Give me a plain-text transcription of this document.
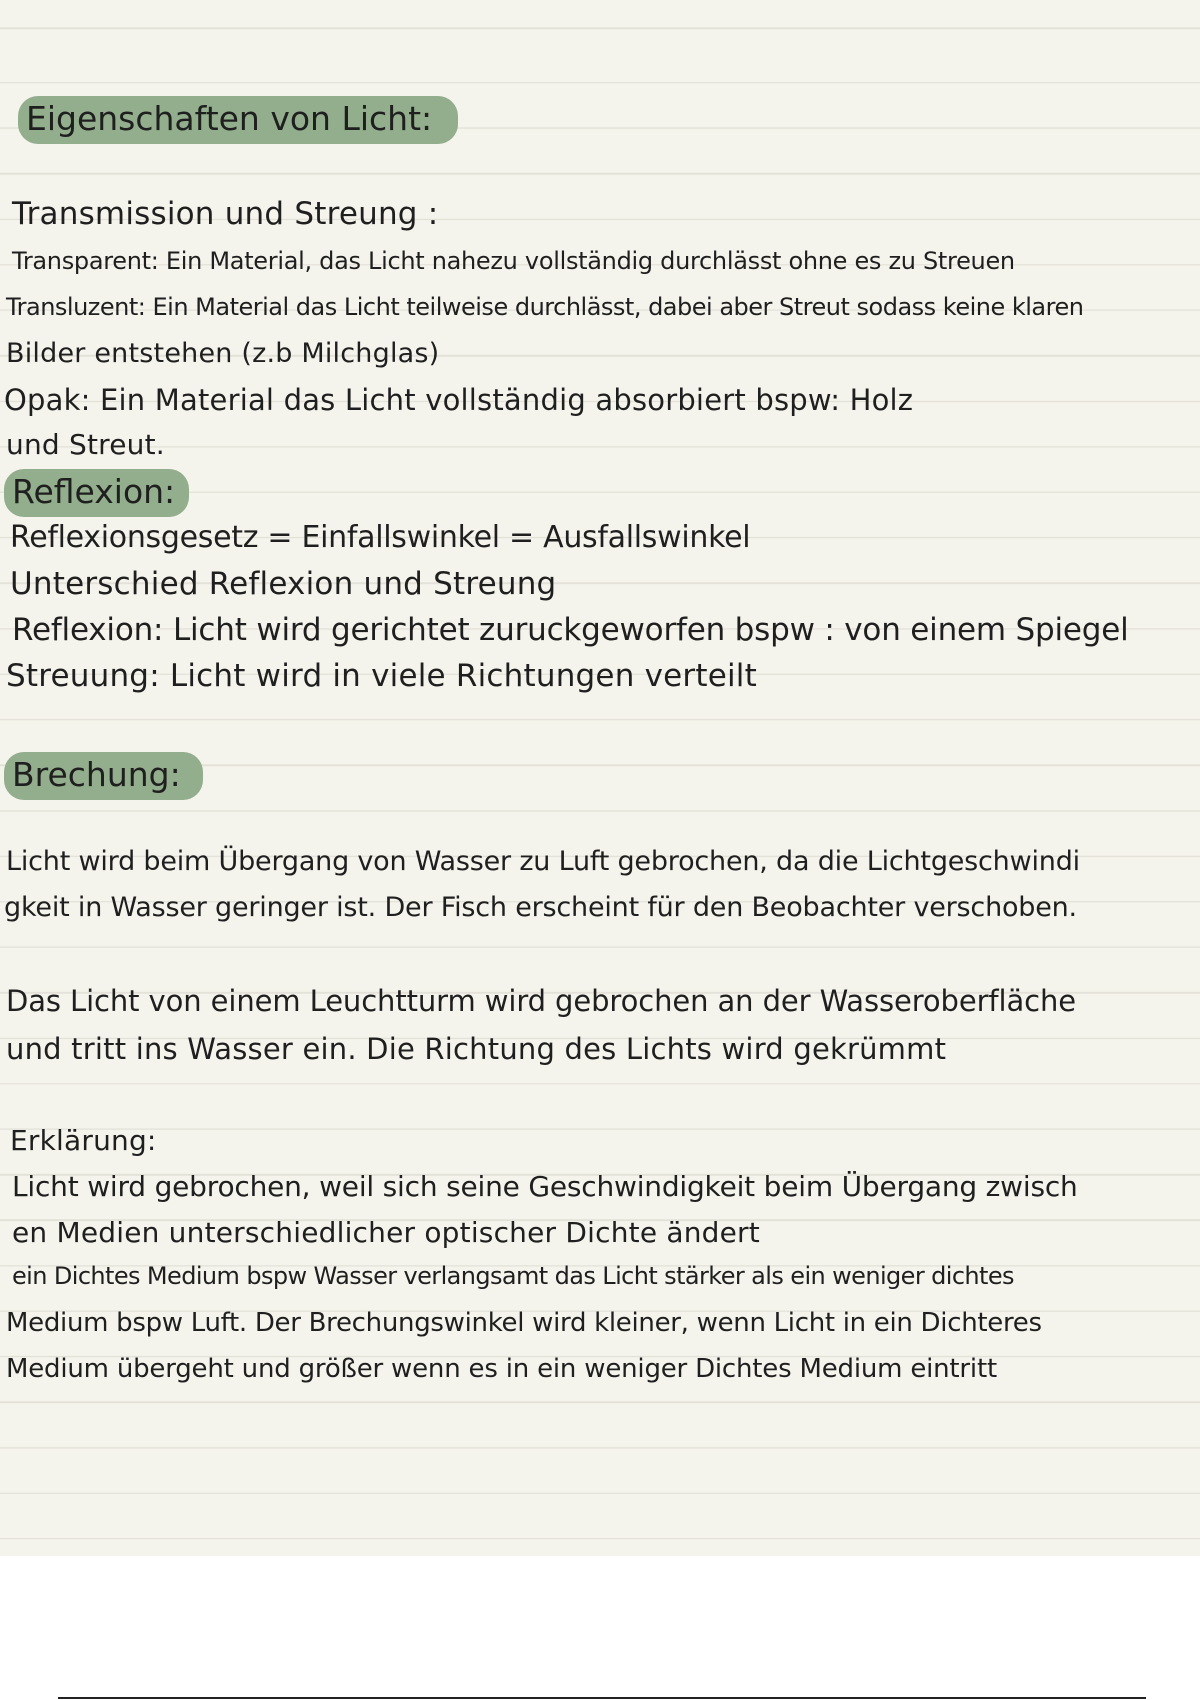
Eigenschaften von Licht:
Transmission und Streung :
Transparent: Ein Material, das Licht nahezu vollständig durchlässt ohne es zu Streuen
Transluzent: Ein Material das Licht teilweise durchlässt, dabei aber Streut sodass keine klaren
Bilder entstehen (z.b Milchglas)
Opak: Ein Material das Licht vollständig absorbiert bspw: Holz
und Streut.
Reflexion:
Reflexionsgesetz = Einfallswinkel = Ausfallswinkel
Unterschied Reflexion und Streung
Reflexion: Licht wird gerichtet zuruckgeworfen bspw : von einem Spiegel
Streuung: Licht wird in viele Richtungen verteilt
Brechung:
Licht wird beim Übergang von Wasser zu Luft gebrochen, da die Lichtgeschwindi
gkeit in Wasser geringer ist. Der Fisch erscheint für den Beobachter verschoben.
Das Licht von einem Leuchtturm wird gebrochen an der Wasseroberfläche
und tritt ins Wasser ein. Die Richtung des Lichts wird gekrümmt
Erklärung:
Licht wird gebrochen, weil sich seine Geschwindigkeit beim Übergang zwisch
en Medien unterschiedlicher optischer Dichte ändert
ein Dichtes Medium bspw Wasser verlangsamt das Licht stärker als ein weniger dichtes
Medium bspw Luft. Der Brechungswinkel wird kleiner, wenn Licht in ein Dichteres
Medium übergeht und größer wenn es in ein weniger Dichtes Medium eintritt
